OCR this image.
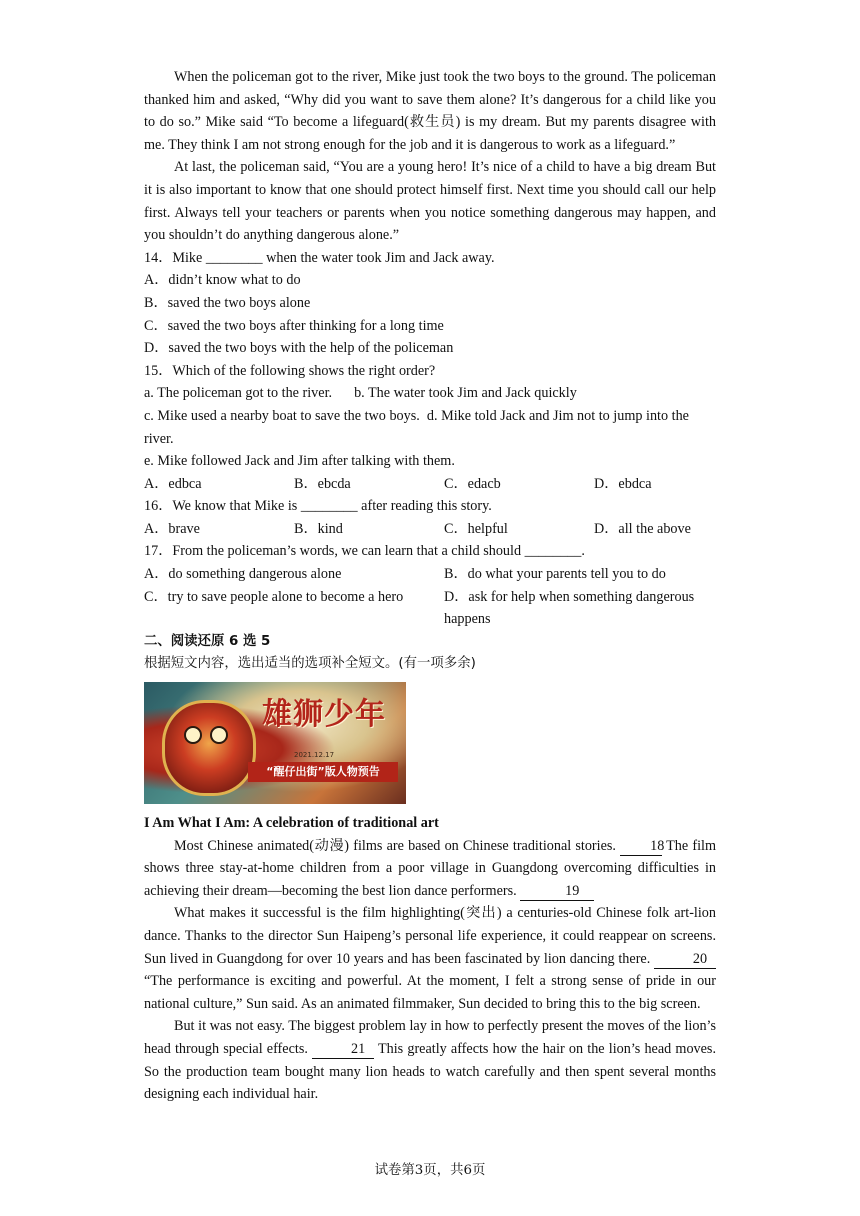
When the policeman got to the river, Mike just took the two boys to the ground. The policeman thanked him and asked, “Why did you want to save them alone? It’s dangerous for a child like you to do so.” Mike said “To become a lifeguard(救生员) is my dream. But my parents disagree with me. They think I am not strong enough for the job and it is dangerous to work as a lifeguard.”

At last, the policeman said, “You are a young hero! It’s nice of a child to have a big dream But it is also important to know that one should protect himself first. Next time you should call our help first. Always tell your teachers or parents when you notice something dangerous may happen, and you shouldn’t do anything dangerous alone.”

14．Mike ________ when the water took Jim and Jack away.

A．didn’t know what to do

B．saved the two boys alone

C．saved the two boys after thinking for a long time

D．saved the two boys with the help of the policeman

15．Which of the following shows the right order?

a. The policeman got to the river. b. The water took Jim and Jack quickly

c. Mike used a nearby boat to save the two boys. d. Mike told Jack and Jim not to jump into the river.

e. Mike followed Jack and Jim after talking with them.

A．edbca	B．ebcda	C．edacb	D．ebdca

16．We know that Mike is ________ after reading this story.

A．brave	B．kind	C．helpful	D．all the above

17．From the policeman’s words, we can learn that a child should ________.

A．do something dangerous alone	B．do what your parents tell you to do
C．try to save people alone to become a hero	D．ask for help when something dangerous happens

二、阅读还原 6 选 5

根据短文内容，选出适当的选项补全短文。(有一项多余)

雄狮少年
2021.12.17
“醒仔出街”版人物预告

I Am What I Am: A celebration of traditional art

Most Chinese animated(动漫) films are based on Chinese traditional stories. 18 The film shows three stay-at-home children from a poor village in Guangdong overcoming difficulties in achieving their dream—becoming the best lion dance performers.	19

What makes it successful is the film highlighting(突出) a centuries-old Chinese folk art-lion dance. Thanks to the director Sun Haipeng’s personal life experience, it could reappear on screens. Sun lived in Guangdong for over 10 years and has been fascinated by lion dancing there.	20 “The performance is exciting and powerful. At the moment, I felt a strong sense of pride in our national culture,” Sun said. As an animated filmmaker, Sun decided to bring this to the big screen.

But it was not easy. The biggest problem lay in how to perfectly present the moves of the lion’s head through special effects.	21 This greatly affects how the hair on the lion’s head moves. So the production team bought many lion heads to watch carefully and then spent several months designing each individual hair.

试卷第3页，共6页
